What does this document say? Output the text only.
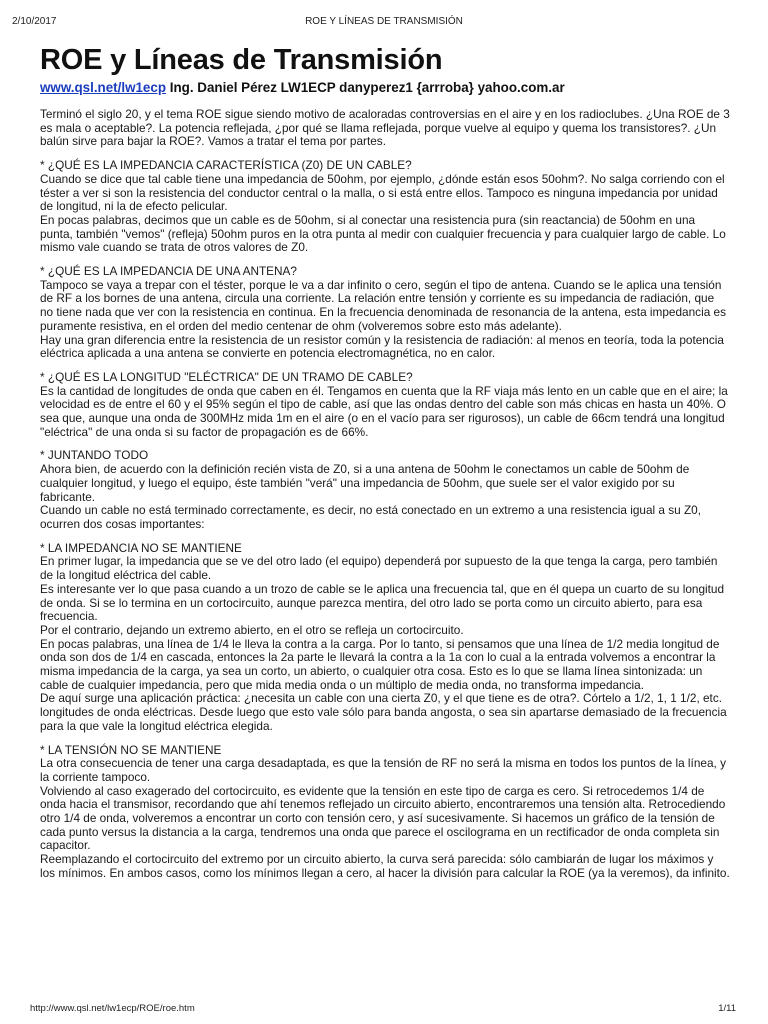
2/10/2017	ROE Y LÍNEAS DE TRANSMISIÓN
ROE y Líneas de Transmisión
www.qsl.net/lw1ecp Ing. Daniel Pérez LW1ECP danyperez1 {arrroba} yahoo.com.ar

Terminó el siglo 20, y el tema ROE sigue siendo motivo de acaloradas controversias en el aire y en los radioclubes. ¿Una ROE de 3 es mala o aceptable?. La potencia reflejada, ¿por qué se llama reflejada, porque vuelve al equipo y quema los transistores?. ¿Un balún sirve para bajar la ROE?. Vamos a tratar el tema por partes.

* ¿QUÉ ES LA IMPEDANCIA CARACTERÍSTICA (Z0) DE UN CABLE?

Cuando se dice que tal cable tiene una impedancia de 50ohm, por ejemplo, ¿dónde están esos 50ohm?. No salga corriendo con el téster a ver si son la resistencia del conductor central o la malla, o si está entre ellos. Tampoco es ninguna impedancia por unidad de longitud, ni la de efecto pelicular.

En pocas palabras, decimos que un cable es de 50ohm, si al conectar una resistencia pura (sin reactancia) de 50ohm en una punta, también "vemos" (refleja) 50ohm puros en la otra punta al medir con cualquier frecuencia y para cualquier largo de cable. Lo mismo vale cuando se trata de otros valores de Z0.

* ¿QUÉ ES LA IMPEDANCIA DE UNA ANTENA?

Tampoco se vaya a trepar con el téster, porque le va a dar infinito o cero, según el tipo de antena. Cuando se le aplica una tensión de RF a los bornes de una antena, circula una corriente. La relación entre tensión y corriente es su impedancia de radiación, que no tiene nada que ver con la resistencia en continua. En la frecuencia denominada de resonancia de la antena, esta impedancia es puramente resistiva, en el orden del medio centenar de ohm (volveremos sobre esto más adelante).

Hay una gran diferencia entre la resistencia de un resistor común y la resistencia de radiación: al menos en teoría, toda la potencia eléctrica aplicada a una antena se convierte en potencia electromagnética, no en calor.

* ¿QUÉ ES LA LONGITUD "ELÉCTRICA" DE UN TRAMO DE CABLE?

Es la cantidad de longitudes de onda que caben en él. Tengamos en cuenta que la RF viaja más lento en un cable que en el aire; la velocidad es de entre el 60 y el 95% según el tipo de cable, así que las ondas dentro del cable son más chicas en hasta un 40%. O sea que, aunque una onda de 300MHz mida 1m en el aire (o en el vacío para ser rigurosos), un cable de 66cm tendrá una longitud "eléctrica" de una onda si su factor de propagación es de 66%.

* JUNTANDO TODO

Ahora bien, de acuerdo con la definición recién vista de Z0, si a una antena de 50ohm le conectamos un cable de 50ohm de cualquier longitud, y luego el equipo, éste también "verá" una impedancia de 50ohm, que suele ser el valor exigido por su fabricante.

Cuando un cable no está terminado correctamente, es decir, no está conectado en un extremo a una resistencia igual a su Z0, ocurren dos cosas importantes:

* LA IMPEDANCIA NO SE MANTIENE

En primer lugar, la impedancia que se ve del otro lado (el equipo) dependerá por supuesto de la que tenga la carga, pero también de la longitud eléctrica del cable.

Es interesante ver lo que pasa cuando a un trozo de cable se le aplica una frecuencia tal, que en él quepa un cuarto de su longitud de onda. Si se lo termina en un cortocircuito, aunque parezca mentira, del otro lado se porta como un circuito abierto, para esa frecuencia.

Por el contrario, dejando un extremo abierto, en el otro se refleja un cortocircuito.

En pocas palabras, una línea de 1/4 le lleva la contra a la carga. Por lo tanto, si pensamos que una línea de 1/2 media longitud de onda son dos de 1/4 en cascada, entonces la 2a parte le llevará la contra a la 1a con lo cual a la entrada volvemos a encontrar la misma impedancia de la carga, ya sea un corto, un abierto, o cualquier otra cosa. Esto es lo que se llama línea sintonizada: un cable de cualquier impedancia, pero que mida media onda o un múltiplo de media onda, no transforma impedancia.

De aquí surge una aplicación práctica: ¿necesita un cable con una cierta Z0, y el que tiene es de otra?. Córtelo a 1/2, 1, 1 1/2, etc. longitudes de onda eléctricas. Desde luego que esto vale sólo para banda angosta, o sea sin apartarse demasiado de la frecuencia para la que vale la longitud eléctrica elegida.

* LA TENSIÓN NO SE MANTIENE

La otra consecuencia de tener una carga desadaptada, es que la tensión de RF no será la misma en todos los puntos de la línea, y la corriente tampoco.

Volviendo al caso exagerado del cortocircuito, es evidente que la tensión en este tipo de carga es cero. Si retrocedemos 1/4 de onda hacia el transmisor, recordando que ahí tenemos reflejado un circuito abierto, encontraremos una tensión alta. Retrocediendo otro 1/4 de onda, volveremos a encontrar un corto con tensión cero, y así sucesivamente. Si hacemos un gráfico de la tensión de cada punto versus la distancia a la carga, tendremos una onda que parece el oscilograma en un rectificador de onda completa sin capacitor.

Reemplazando el cortocircuito del extremo por un circuito abierto, la curva será parecida: sólo cambiarán de lugar los máximos y los mínimos. En ambos casos, como los mínimos llegan a cero, al hacer la división para calcular la ROE (ya la veremos), da infinito.

http://www.qsl.net/lw1ecp/ROE/roe.htm	1/11
